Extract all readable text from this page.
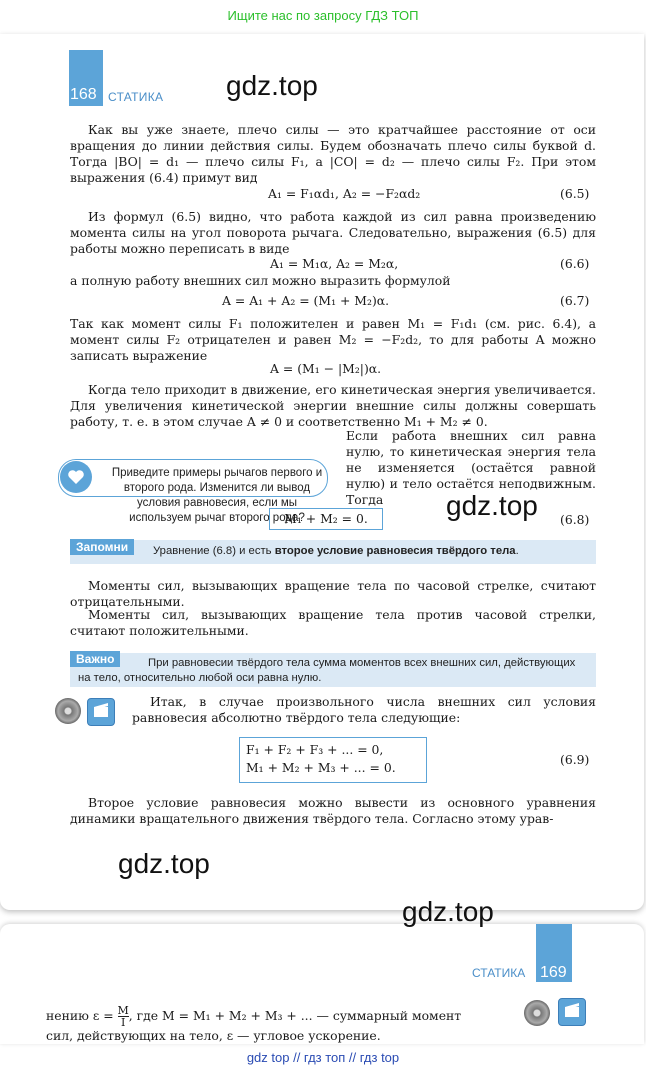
Ищите нас по запросу ГДЗ ТОП
168 СТАТИКА gdz.top
Как вы уже знаете, плечо силы — это кратчайшее расстояние от оси вращения до линии действия силы. Будем обозначать плечо силы буквой d. Тогда |BO| = d₁ — плечо силы F₁, а |CO| = d₂ — плечо силы F₂. При этом выражения (6.4) примут вид
A₁ = F₁αd₁, A₂ = −F₂αd₂	(6.5)
Из формул (6.5) видно, что работа каждой из сил равна произведению момента силы на угол поворота рычага. Следовательно, выражения (6.5) для работы можно переписать в виде
A₁ = M₁α, A₂ = M₂α,	(6.6)
а полную работу внешних сил можно выразить формулой
A = A₁ + A₂ = (M₁ + M₂)α.	(6.7)
Так как момент силы F₁ положителен и равен M₁ = F₁d₁ (см. рис. 6.4), а момент силы F₂ отрицателен и равен M₂ = −F₂d₂, то для работы A можно записать выражение
A = (M₁ − |M₂|)α.
Когда тело приходит в движение, его кинетическая энергия увеличивается. Для увеличения кинетической энергии внешние силы должны совершать работу, т. е. в этом случае A ≠ 0 и соответственно M₁ + M₂ ≠ 0.
Приведите примеры рычагов первого и второго рода. Изменится ли вывод условия равновесия, если мы используем рычаг второго рода?
Если работа внешних сил равна нулю, то кинетическая энергия тела не изменяется (остаётся равной нулю) и тело остаётся неподвижным. Тогда	gdz.top
M₁ + M₂ = 0.	(6.8)
Запомни	Уравнение (6.8) и есть второе условие равновесия твёрдого тела.
Моменты сил, вызывающих вращение тела по часовой стрелке, считают отрицательными.
Моменты сил, вызывающих вращение тела против часовой стрелки, считают положительными.
Важно	При равновесии твёрдого тела сумма моментов всех внешних сил, действующих на тело, относительно любой оси равна нулю.
Итак, в случае произвольного числа внешних сил условия равновесия абсолютно твёрдого тела следующие:
F₁ + F₂ + F₃ + ... = 0,
M₁ + M₂ + M₃ + ... = 0.
(6.9)
Второе условие равновесия можно вывести из основного уравнения динамики вращательного движения твёрдого тела. Согласно этому урав-
gdz.top
gdz.top
169
СТАТИКА
нению $\varepsilon = \frac{M}{I}$ , где M = M₁ + M₂ + M₃ + ... — суммарный момент
сил, действующих на тело, ε — угловое ускорение.
gdz top // гдз топ // гдз top
